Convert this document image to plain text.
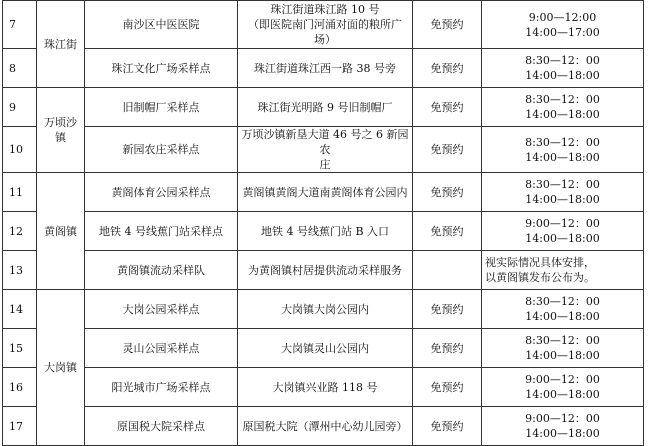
7	珠江街	南沙区中医医院	珠江街道珠江路 10 号
（即医院南门河涌对面的粮所广
场）	免预约	9:00—12:00
14:00—17:00
8		珠江文化广场采样点	珠江街道珠江西一路 38 号旁	免预约	8:30—12：00
14:00—18:00
9	万顷沙
镇	旧制帽厂采样点	珠江街光明路 9 号旧制帽厂	免预约	8:30—12：00
14:00—18:00
10		新园农庄采样点	万顷沙镇新垦大道 46 号之 6 新园农
庄	免预约	8:30—12：00
14:00—18:00
11	黄阁镇	黄阁体育公园采样点	黄阁镇黄阁大道南黄阁体育公园内	免预约	8:30—12：00
14:00—18:00
12		地铁 4 号线蕉门站采样点	地铁 4 号线蕉门站 B 入口	免预约	9:00—12：00
14:00—18:00
13		黄阁镇流动采样队	为黄阁镇村居提供流动采样服务		视实际情况具体安排，
以黄阁镇发布公布为。
14	大岗镇	大岗公园采样点	大岗镇大岗公园内	免预约	8:30—12：00
14:00—18:00
15		灵山公园采样点	大岗镇灵山公园内	免预约	8:30—12：00
14:00—18:00
16		阳光城市广场采样点	大岗镇兴业路 118 号	免预约	9:00—12：00
14:00—18:00
17		原国税大院采样点	原国税大院（潭州中心幼儿园旁）	免预约	9:00—12：00
14:00—18:00
